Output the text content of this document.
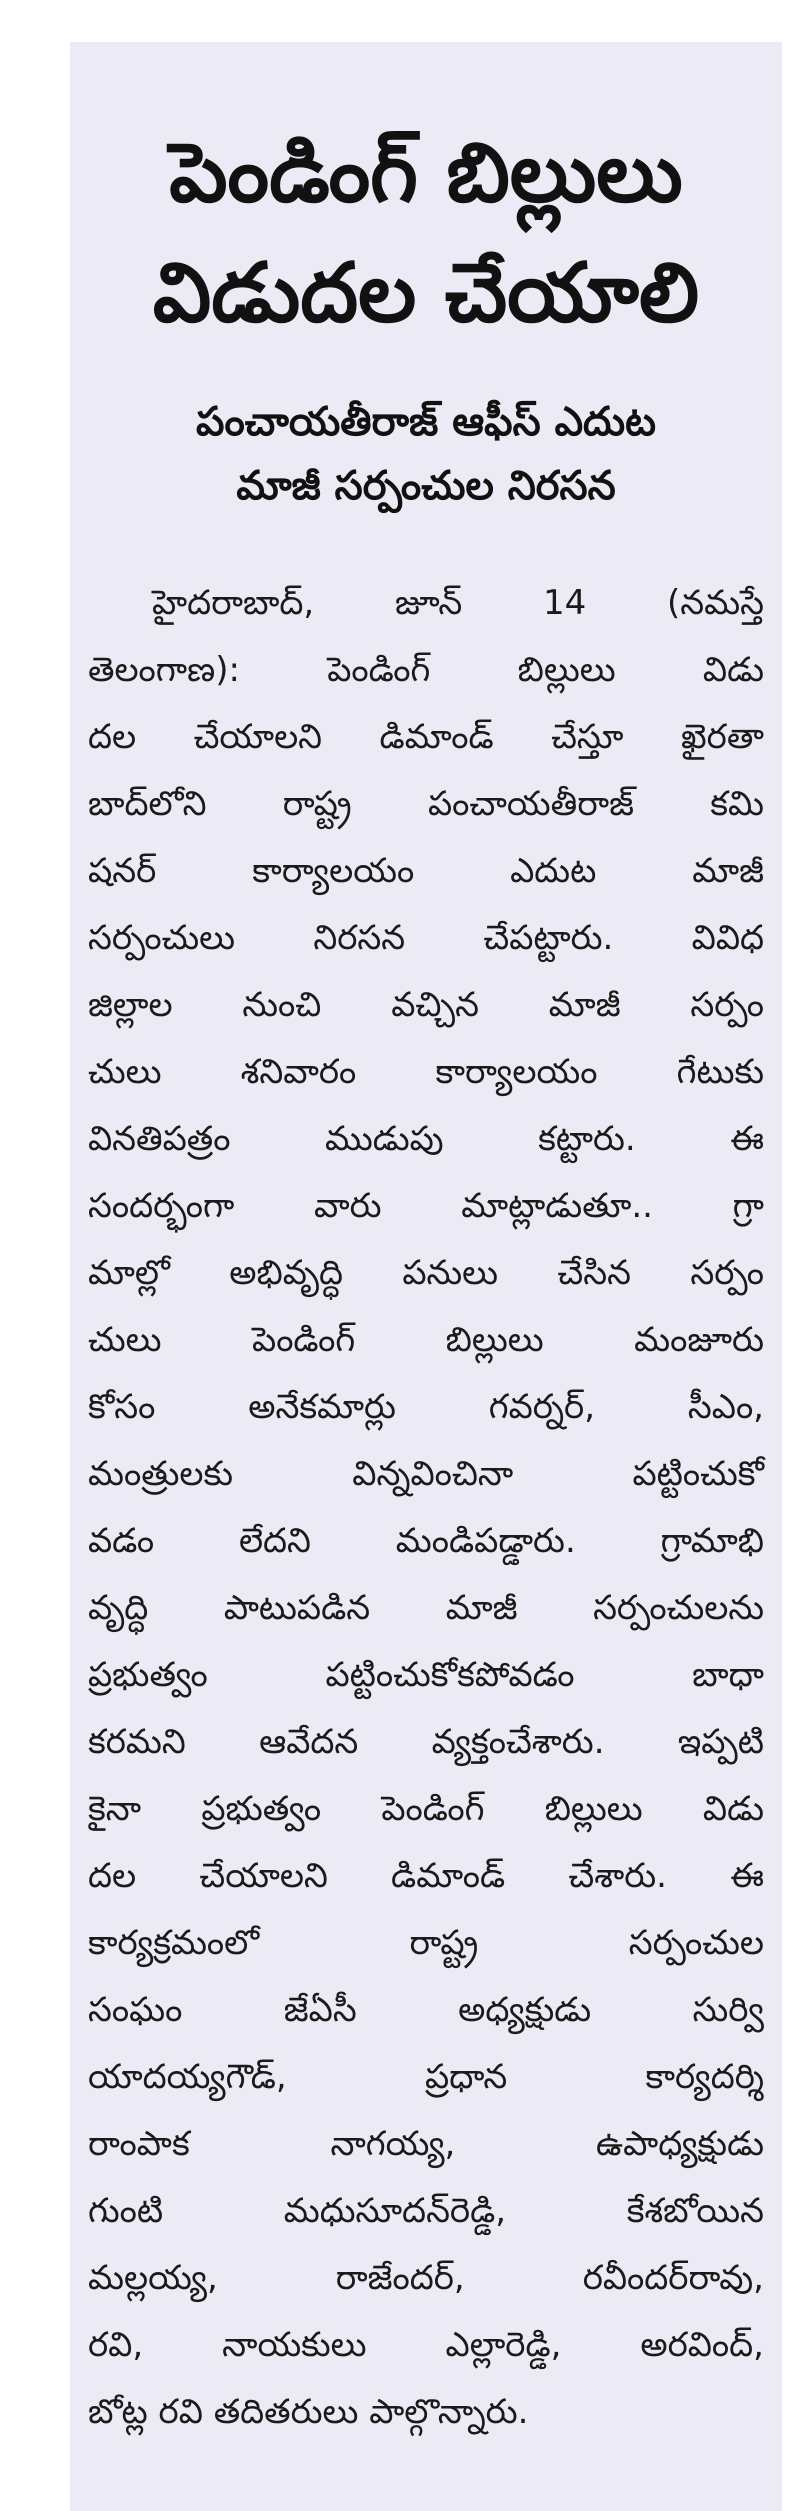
పెండింగ్ బిల్లులు
విడుదల చేయాలి
పంచాయతీరాజ్ ఆఫీస్ ఎదుట
మాజీ సర్పంచుల నిరసన
హైదరాబాద్, జూన్ 14 (నమస్తే
తెలంగాణ): పెండింగ్ బిల్లులు విడు
దల చేయాలని డిమాండ్ చేస్తూ ఖైరతా
బాద్‌లోని రాష్ట్ర పంచాయతీరాజ్ కమి
షనర్ కార్యాలయం ఎదుట మాజీ
సర్పంచులు నిరసన చేపట్టారు. వివిధ
జిల్లాల నుంచి వచ్చిన మాజీ సర్పం
చులు శనివారం కార్యాలయం గేటుకు
వినతిపత్రం ముడుపు కట్టారు. ఈ
సందర్భంగా వారు మాట్లాడుతూ.. గ్రా
మాల్లో అభివృద్ధి పనులు చేసిన సర్పం
చులు పెండింగ్ బిల్లులు మంజూరు
కోసం అనేకమార్లు గవర్నర్, సీఎం,
మంత్రులకు విన్నవించినా పట్టించుకో
వడం లేదని మండిపడ్డారు. గ్రామాభి
వృద్ధి పాటుపడిన మాజీ సర్పంచులను
ప్రభుత్వం పట్టించుకోకపోవడం బాధా
కరమని ఆవేదన వ్యక్తంచేశారు. ఇప్పటి
కైనా ప్రభుత్వం పెండింగ్ బిల్లులు విడు
దల చేయాలని డిమాండ్ చేశారు. ఈ
కార్యక్రమంలో రాష్ట్ర సర్పంచుల
సంఘం జేఏసీ అధ్యక్షుడు సుర్వి
యాదయ్యగౌడ్, ప్రధాన కార్యదర్శి
రాంపాక నాగయ్య, ఉపాధ్యక్షుడు
గుంటి మధుసూదన్‌రెడ్డి, కేశబోయిన
మల్లయ్య, రాజేందర్, రవీందర్‌రావు,
రవి, నాయకులు ఎల్లారెడ్డి, అరవింద్,
బోట్ల రవి తదితరులు పాల్గొన్నారు.
